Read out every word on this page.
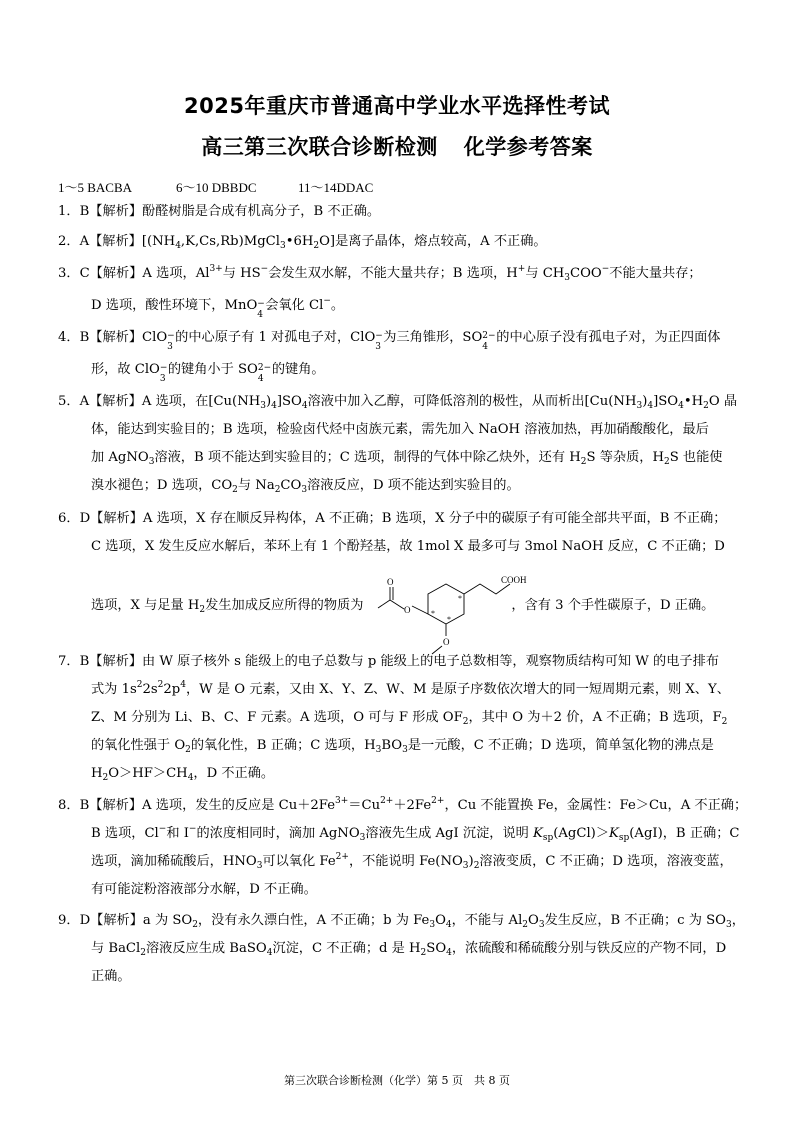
2025年重庆市普通高中学业水平选择性考试
高三第三次联合诊断检测 化学参考答案
1～5 BACBA	6～10 DBBDC	11～14DDAC
1．B【解析】酚醛树脂是合成有机高分子，B 不正确。
2．A【解析】$[(NH_4,K,Cs,Rb)MgCl_3•6H_2O]$是离子晶体，熔点较高，A 不正确。
3．C【解析】A 选项，$Al^{3+}$与 HS−会发生双水解，不能大量共存；B 选项，H+与 $CH_3COO^-$不能大量共存；
D 选项，酸性环境下，MnO −
4
会氧化 Cl−。
4．B【解析】ClO −
3
的中心原子有 1 对孤电子对，ClO −
3
为三角锥形，SO 2−
4
的中心原子没有孤电子对，为正四面体
形，故 ClO −
3
的键角小于 SO 2−
4
的键角。
5．A【解析】A 选项，在$[Cu(NH_3)_4]SO_4$溶液中加入乙醇，可降低溶剂的极性，从而析出$[Cu(NH_3)_4]SO_4•H_2O$ 晶
体，能达到实验目的；B 选项，检验卤代烃中卤族元素，需先加入 NaOH 溶液加热，再加硝酸酸化，最后
加 AgNO$_3$溶液，B 项不能达到实验目的；C 选项，制得的气体中除乙炔外，还有 $H_2S$ 等杂质，$H_2S$ 也能使
溴水褪色；D 选项，$CO_2$与 $Na_2CO_3$溶液反应，D 项不能达到实验目的。
6．D【解析】A 选项，X 存在顺反异构体，A 不正确；B 选项，X 分子中的碳原子有可能全部共平面，B 不正确；
C 选项，X 发生反应水解后，苯环上有 1 个酚羟基，故 1mol X 最多可与 3mol NaOH 反应，C 不正确；D
选项，X 与足量 $H_2$发生加成反应所得的物质为	，含有 3 个手性碳原子，D 正确。
COOH
O
O
O
*
*
*
7．B【解析】由 W 原子核外 s 能级上的电子总数与 p 能级上的电子总数相等，观察物质结构可知 W 的电子排布
式为 $1s^22s^22p^4$，W 是 O 元素，又由 X、Y、Z、W、M 是原子序数依次增大的同一短周期元素，则 X、Y、
Z、M 分别为 Li、B、C、F 元素。A 选项，O 可与 F 形成 $OF_2$，其中 O 为＋2 价，A 不正确；B 选项，$F_2$
的氧化性强于 $O_2$的氧化性，B 正确；C 选项，$H_3BO_3$是一元酸，C 不正确；D 选项，简单氢化物的沸点是
$H_2O>HF>CH_4$，D 不正确。
8．B【解析】A 选项，发生的反应是 $Cu+2Fe^{3+}=Cu^{2+}+2Fe^{2+}$，Cu 不能置换 Fe，金属性：Fe＞Cu，A 不正确；
B 选项，Cl−和 I−的浓度相同时，滴加 AgNO$_3$溶液先生成 AgI 沉淀，说明 $K_{sp}(AgCl)>K_{sp}(AgI)$，B 正确；C
选项，滴加稀硫酸后，$HNO_3$可以氧化 $Fe^{2+}$，不能说明 $Fe(NO_3)_2$溶液变质，C 不正确；D 选项，溶液变蓝，
有可能淀粉溶液部分水解，D 不正确。
9．D【解析】a 为 $SO_2$，没有永久漂白性，A 不正确；b 为 $Fe_3O_4$，不能与 $Al_2O_3$发生反应，B 不正确；c 为 $SO_3$，
与 BaCl$_2$溶液反应生成 BaSO$_4$沉淀，C 不正确；d 是 $H_2SO_4$，浓硫酸和稀硫酸分别与铁反应的产物不同，D
正确。
第三次联合诊断检测（化学）第 5 页　共 8 页
